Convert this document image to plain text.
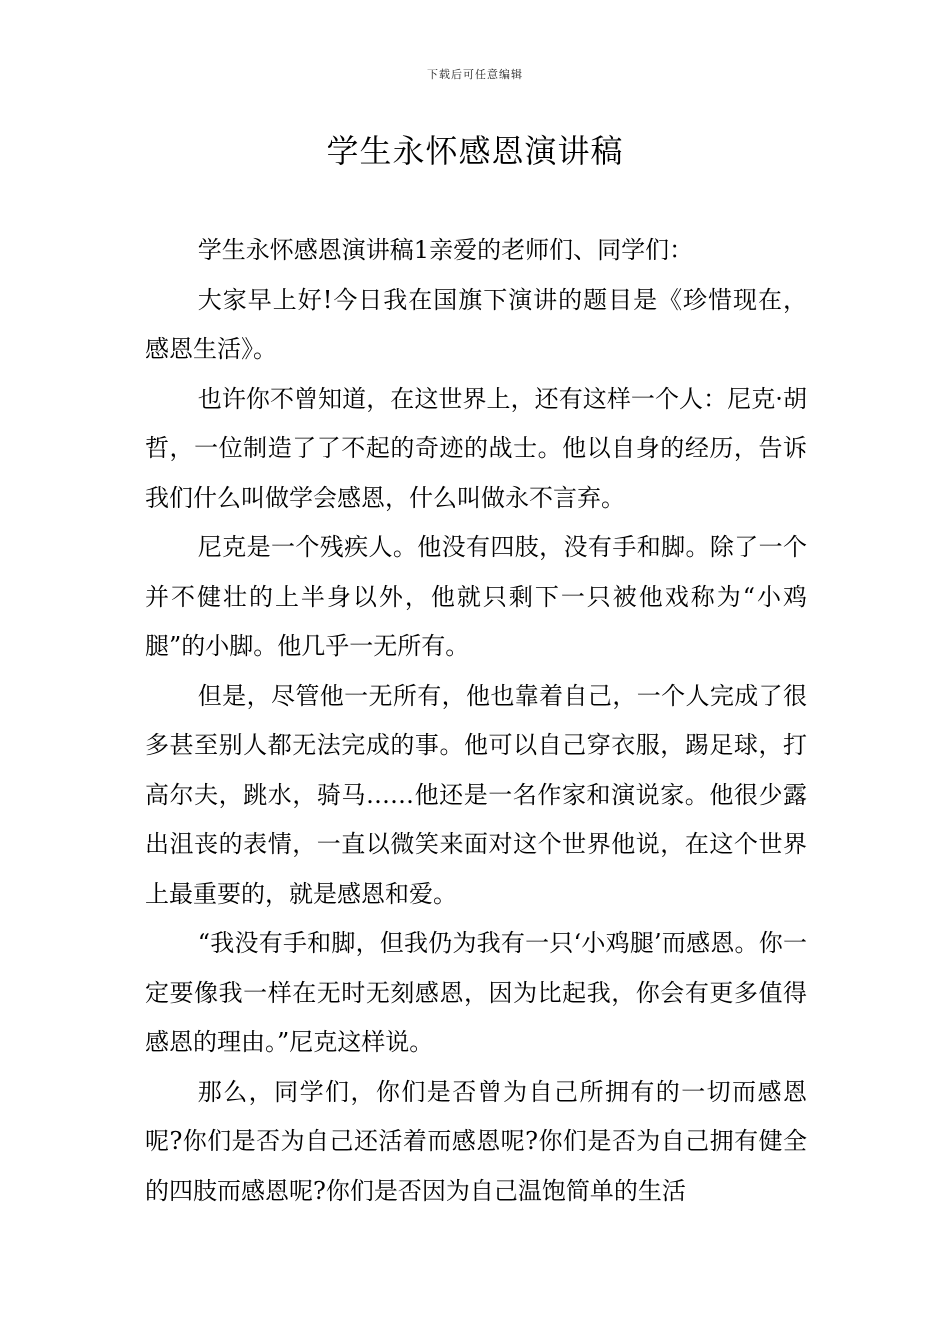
下载后可任意编辑
学生永怀感恩演讲稿

学生永怀感恩演讲稿1亲爱的老师们、同学们：

大家早上好!今日我在国旗下演讲的题目是《珍惜现在，感恩生活》。

也许你不曾知道，在这世界上，还有这样一个人：尼克·胡哲，一位制造了了不起的奇迹的战士。他以自身的经历，告诉我们什么叫做学会感恩，什么叫做永不言弃。

尼克是一个残疾人。他没有四肢，没有手和脚。除了一个并不健壮的上半身以外，他就只剩下一只被他戏称为“小鸡腿”的小脚。他几乎一无所有。

但是，尽管他一无所有，他也靠着自己，一个人完成了很多甚至别人都无法完成的事。他可以自己穿衣服，踢足球，打高尔夫，跳水，骑马……他还是一名作家和演说家。他很少露出沮丧的表情，一直以微笑来面对这个世界他说，在这个世界上最重要的，就是感恩和爱。

“我没有手和脚，但我仍为我有一只‘小鸡腿’而感恩。你一定要像我一样在无时无刻感恩，因为比起我，你会有更多值得感恩的理由。”尼克这样说。

那么，同学们，你们是否曾为自己所拥有的一切而感恩呢?你们是否为自己还活着而感恩呢?你们是否为自己拥有健全的四肢而感恩呢?你们是否因为自己温饱简单的生活
